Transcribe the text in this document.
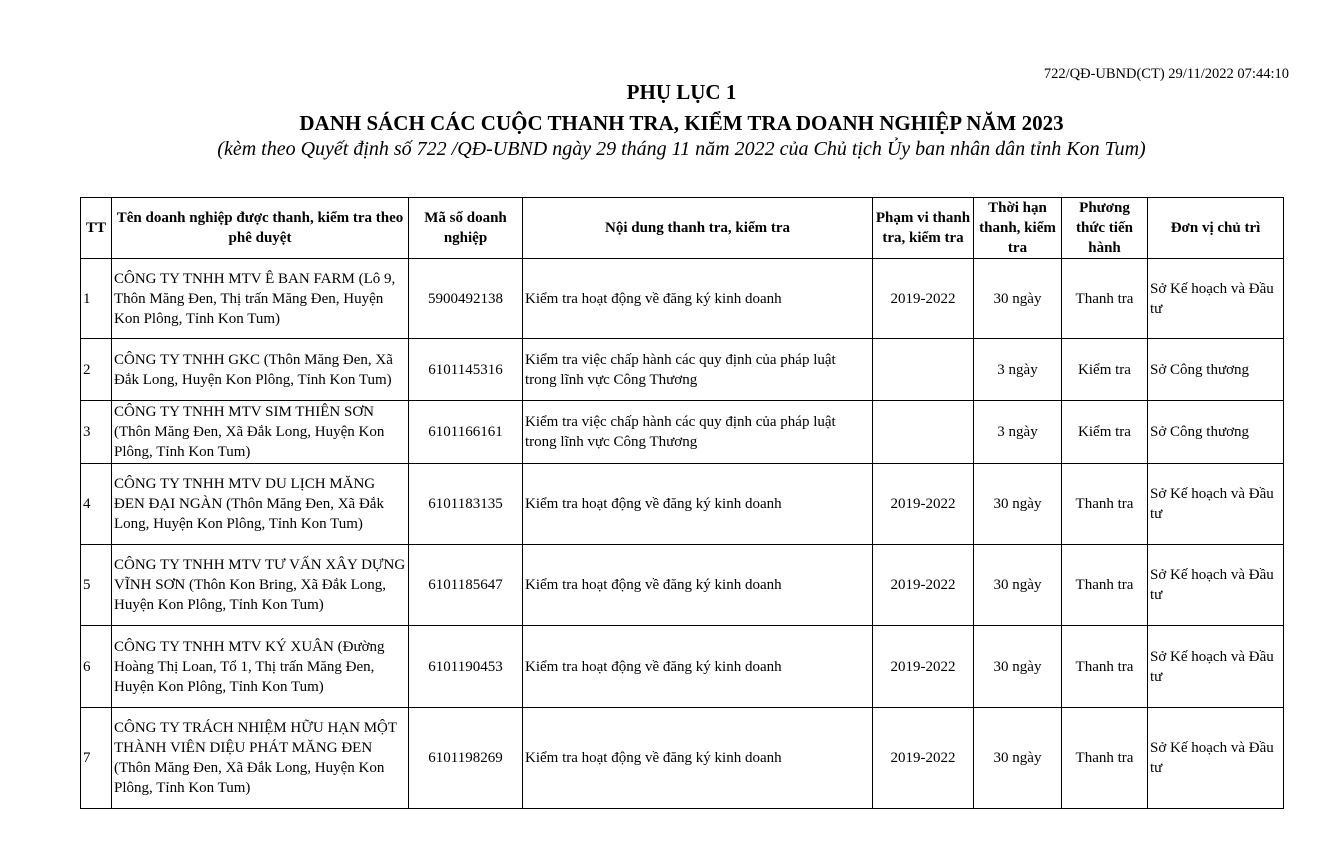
722/QĐ-UBND(CT) 29/11/2022 07:44:10
PHỤ LỤC 1
DANH SÁCH CÁC CUỘC THANH TRA, KIỂM TRA DOANH NGHIỆP NĂM 2023
(kèm theo Quyết định số 722 /QĐ-UBND ngày 29 tháng 11 năm 2022 của Chủ tịch Ủy ban nhân dân tỉnh Kon Tum)
TT	Tên doanh nghiệp được thanh, kiểm tra theo phê duyệt	Mã số doanh nghiệp	Nội dung thanh tra, kiểm tra	Phạm vi thanh tra, kiểm tra	Thời hạn thanh, kiểm tra	Phương thức tiến hành	Đơn vị chủ trì
1	CÔNG TY TNHH MTV Ê BAN FARM (Lô 9, Thôn Măng Đen, Thị trấn Măng Đen, Huyện Kon Plông, Tỉnh Kon Tum)	5900492138	Kiểm tra hoạt động về đăng ký kinh doanh	2019-2022	30 ngày	Thanh tra	Sở Kế hoạch và Đầu tư
2	CÔNG TY TNHH GKC (Thôn Măng Đen, Xã Đắk Long, Huyện Kon Plông, Tỉnh Kon Tum)	6101145316	Kiểm tra việc chấp hành các quy định của pháp luật trong lĩnh vực Công Thương		3 ngày	Kiểm tra	Sở Công thương
3	CÔNG TY TNHH MTV SIM THIÊN SƠN (Thôn Măng Đen, Xã Đắk Long, Huyện Kon Plông, Tỉnh Kon Tum)	6101166161	Kiểm tra việc chấp hành các quy định của pháp luật trong lĩnh vực Công Thương		3 ngày	Kiểm tra	Sở Công thương
4	CÔNG TY TNHH MTV DU LỊCH MĂNG ĐEN ĐẠI NGÀN (Thôn Măng Đen, Xã Đắk Long, Huyện Kon Plông, Tỉnh Kon Tum)	6101183135	Kiểm tra hoạt động về đăng ký kinh doanh	2019-2022	30 ngày	Thanh tra	Sở Kế hoạch và Đầu tư
5	CÔNG TY TNHH MTV TƯ VẤN XÂY DỰNG VĨNH SƠN (Thôn Kon Bring, Xã Đắk Long, Huyện Kon Plông, Tỉnh Kon Tum)	6101185647	Kiểm tra hoạt động về đăng ký kinh doanh	2019-2022	30 ngày	Thanh tra	Sở Kế hoạch và Đầu tư
6	CÔNG TY TNHH MTV KÝ XUÂN (Đường Hoàng Thị Loan, Tổ 1, Thị trấn Măng Đen, Huyện Kon Plông, Tỉnh Kon Tum)	6101190453	Kiểm tra hoạt động về đăng ký kinh doanh	2019-2022	30 ngày	Thanh tra	Sở Kế hoạch và Đầu tư
7	CÔNG TY TRÁCH NHIỆM HỮU HẠN MỘT THÀNH VIÊN DIỆU PHÁT MĂNG ĐEN (Thôn Măng Đen, Xã Đắk Long, Huyện Kon Plông, Tỉnh Kon Tum)	6101198269	Kiểm tra hoạt động về đăng ký kinh doanh	2019-2022	30 ngày	Thanh tra	Sở Kế hoạch và Đầu tư
